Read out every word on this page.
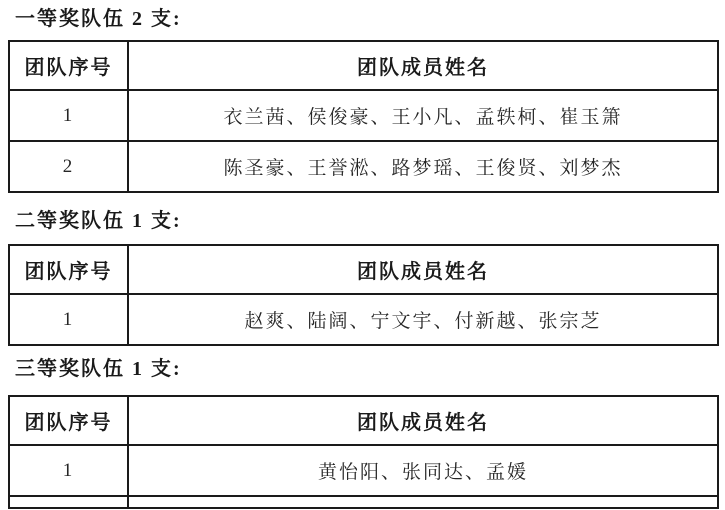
一等奖队伍 2 支:
团队序号	团队成员姓名
1	衣兰茜、侯俊豪、王小凡、孟轶柯、崔玉箫
2	陈圣豪、王誉淞、路梦瑶、王俊贤、刘梦杰
二等奖队伍 1 支:
团队序号	团队成员姓名
1	赵爽、陆阔、宁文宇、付新越、张宗芝
三等奖队伍 1 支:
团队序号	团队成员姓名
1	黄怡阳、张同达、孟媛
